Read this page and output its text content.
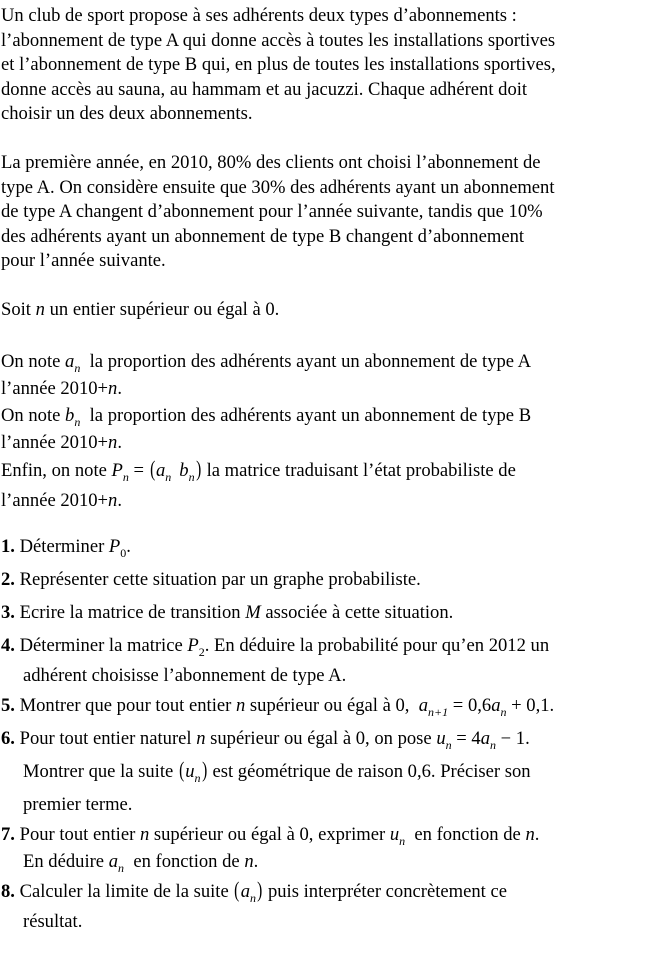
Un club de sport propose à ses adhérents deux types d’abonnements :
l’abonnement de type A qui donne accès à toutes les installations sportives
et l’abonnement de type B qui, en plus de toutes les installations sportives,
donne accès au sauna, au hammam et au jacuzzi. Chaque adhérent doit
choisir un des deux abonnements.
La première année, en 2010, 80% des clients ont choisi l’abonnement de
type A. On considère ensuite que 30% des adhérents ayant un abonnement
de type A changent d’abonnement pour l’année suivante, tandis que 10%
des adhérents ayant un abonnement de type B changent d’abonnement
pour l’année suivante.
Soit n un entier supérieur ou égal à 0.
On note $a_n$  la proportion des adhérents ayant un abonnement de type A
l’année 2010+n.
On note $b_n$  la proportion des adhérents ayant un abonnement de type B
l’année 2010+n.
Enfin, on note $P_n = (a_n$ $b_n$) la matrice traduisant l’état probabiliste de
l’année 2010+n.
1. Déterminer $P_0$.
2. Représenter cette situation par un graphe probabiliste.
3. Ecrire la matrice de transition M associée à cette situation.
4. Déterminer la matrice $P_2$. En déduire la probabilité pour qu’en 2012 un
adhérent choisisse l’abonnement de type A.
5. Montrer que pour tout entier n supérieur ou égal à 0,  $a_{n+1} = 0,6a_n + 0,1$.
6. Pour tout entier naturel n supérieur ou égal à 0, on pose $u_n = 4a_n - 1$.
Montrer que la suite $(u_n)$ est géométrique de raison 0,6. Préciser son
premier terme.
7. Pour tout entier n supérieur ou égal à 0, exprimer $u_n$  en fonction de n.
En déduire $a_n$  en fonction de n.
8. Calculer la limite de la suite $(a_n)$ puis interpréter concrètement ce
résultat.
